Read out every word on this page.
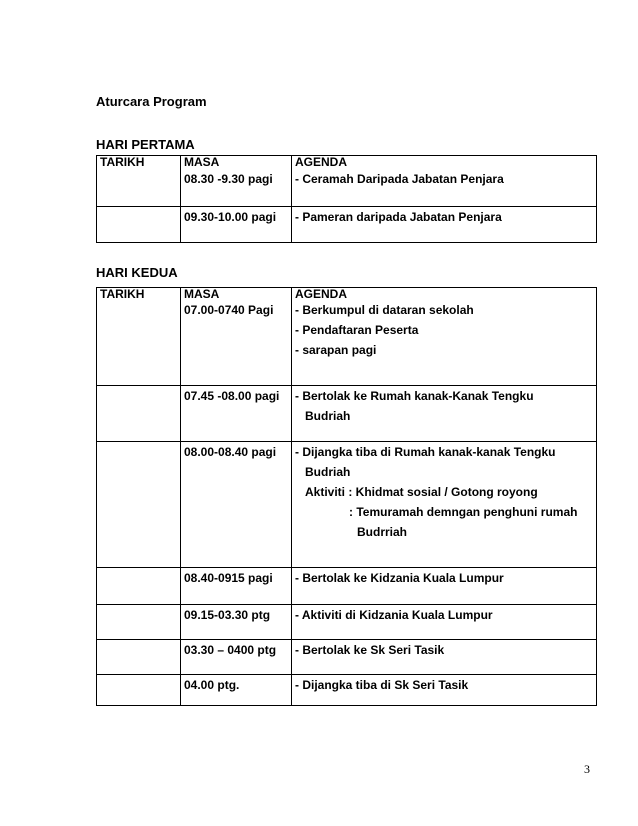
Aturcara Program
HARI PERTAMA
TARIKH	MASA	AGENDA

	08.30 -9.30 pagi	- Ceramah Daripada Jabatan Penjara

	09.30-10.00 pagi	- Pameran daripada Jabatan Penjara
HARI KEDUA
TARIKH	MASA	AGENDA

	07.00-0740 Pagi	- Berkumpul di dataran sekolah
- Pendaftaran Peserta
- sarapan pagi

	07.45 -08.00 pagi	- Bertolak ke Rumah kanak-Kanak Tengku
Budriah

	08.00-08.40 pagi	- Dijangka tiba di Rumah kanak-kanak Tengku
Budriah
Aktiviti : Khidmat sosial / Gotong royong
: Temuramah demngan penghuni rumah
Budrriah

	08.40-0915 pagi	- Bertolak ke Kidzania Kuala Lumpur

	09.15-03.30 ptg	- Aktiviti di Kidzania Kuala Lumpur

	03.30 – 0400 ptg	- Bertolak ke Sk Seri Tasik

	04.00 ptg.	- Dijangka tiba di Sk Seri Tasik
3
